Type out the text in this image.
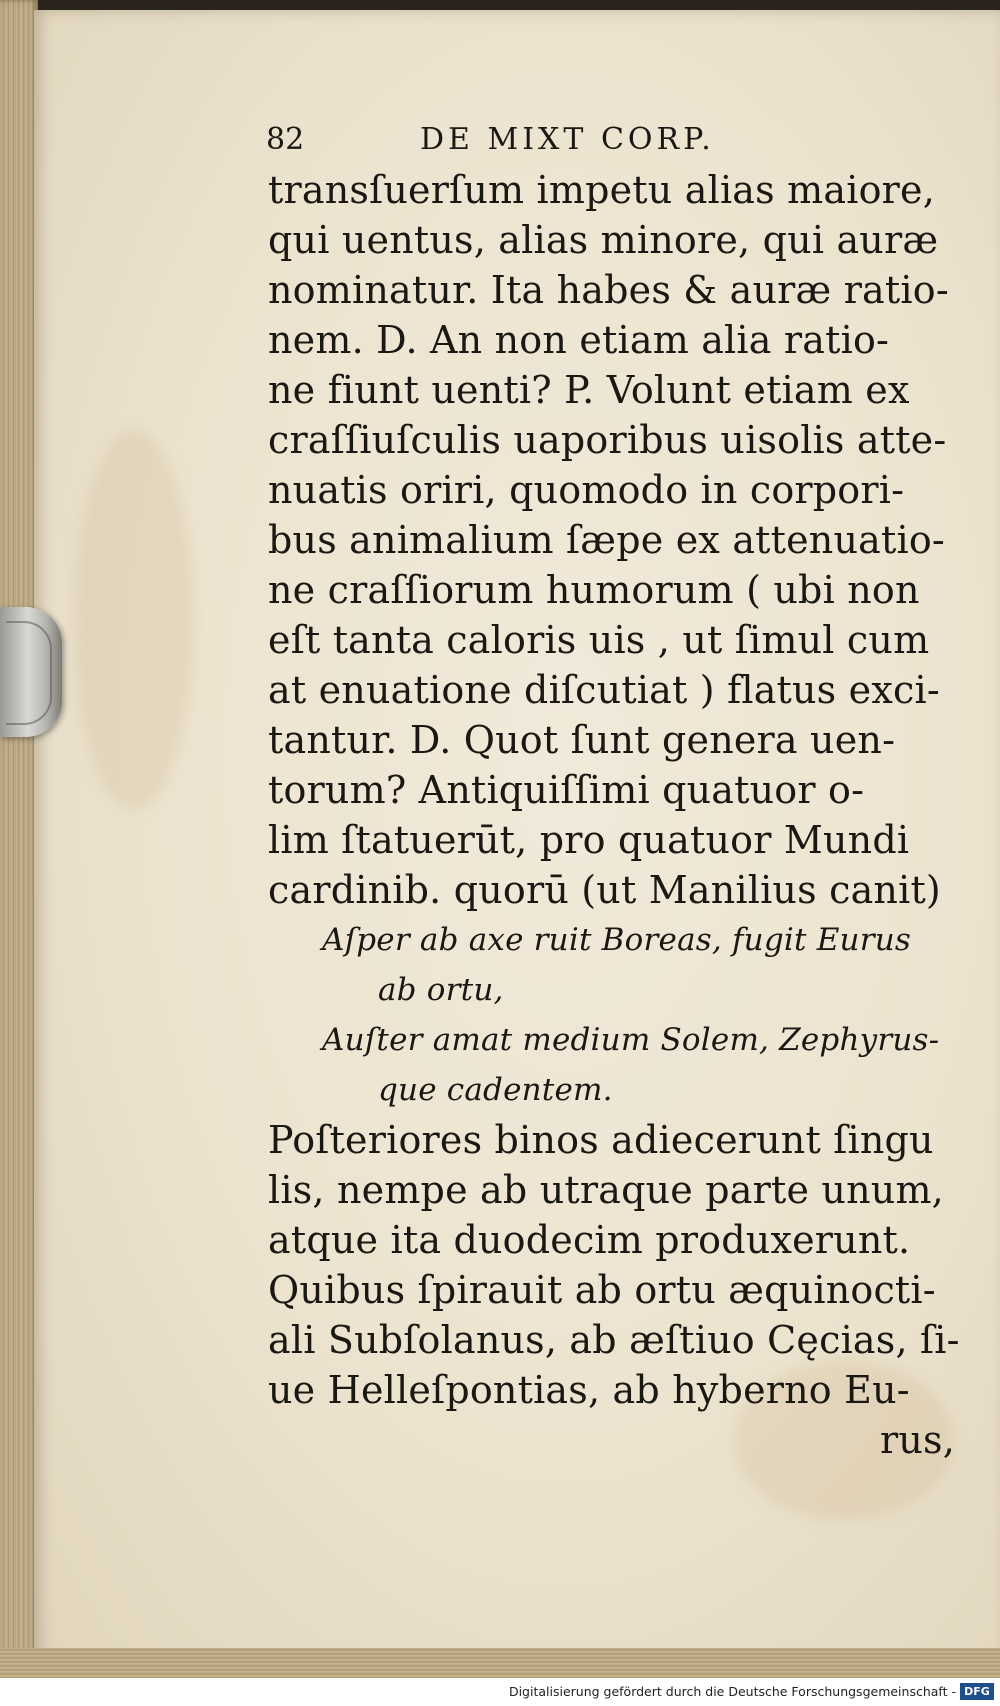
82	DE MIXT CORP.
transſuerſum impetu alias maiore,
qui uentus, alias minore, qui auræ
nominatur. Ita habes & auræ ratio-
nem. D. An non etiam alia ratio-
ne fiunt uenti? P. Volunt etiam ex
craſſiuſculis uaporibus uisolis atte-
nuatis oriri, quomodo in corpori-
bus animalium ſæpe ex attenuatio-
ne craſſiorum humorum ( ubi non
eſt tanta caloris uis , ut ſimul cum
at enuatione diſcutiat ) flatus exci-
tantur. D. Quot ſunt genera uen-
torum? Antiquiſſimi quatuor o-
lim ſtatuerūt, pro quatuor Mundi
cardinib. quorū (ut Manilius canit)
Aſper ab axe ruit Boreas, fugit Eurus
ab ortu,
Auſter amat medium Solem, Zephyrus-
que cadentem.
Poſteriores binos adiecerunt ſingu
lis, nempe ab utraque parte unum,
atque ita duodecim produxerunt.
Quibus ſpirauit ab ortu æquinocti-
ali Subſolanus, ab æſtiuo Cęcias, ſi-
ue Helleſpontias, ab hyberno Eu-
rus,
Digitalisierung gefördert durch die Deutsche Forschungsgemeinschaft - DFG
